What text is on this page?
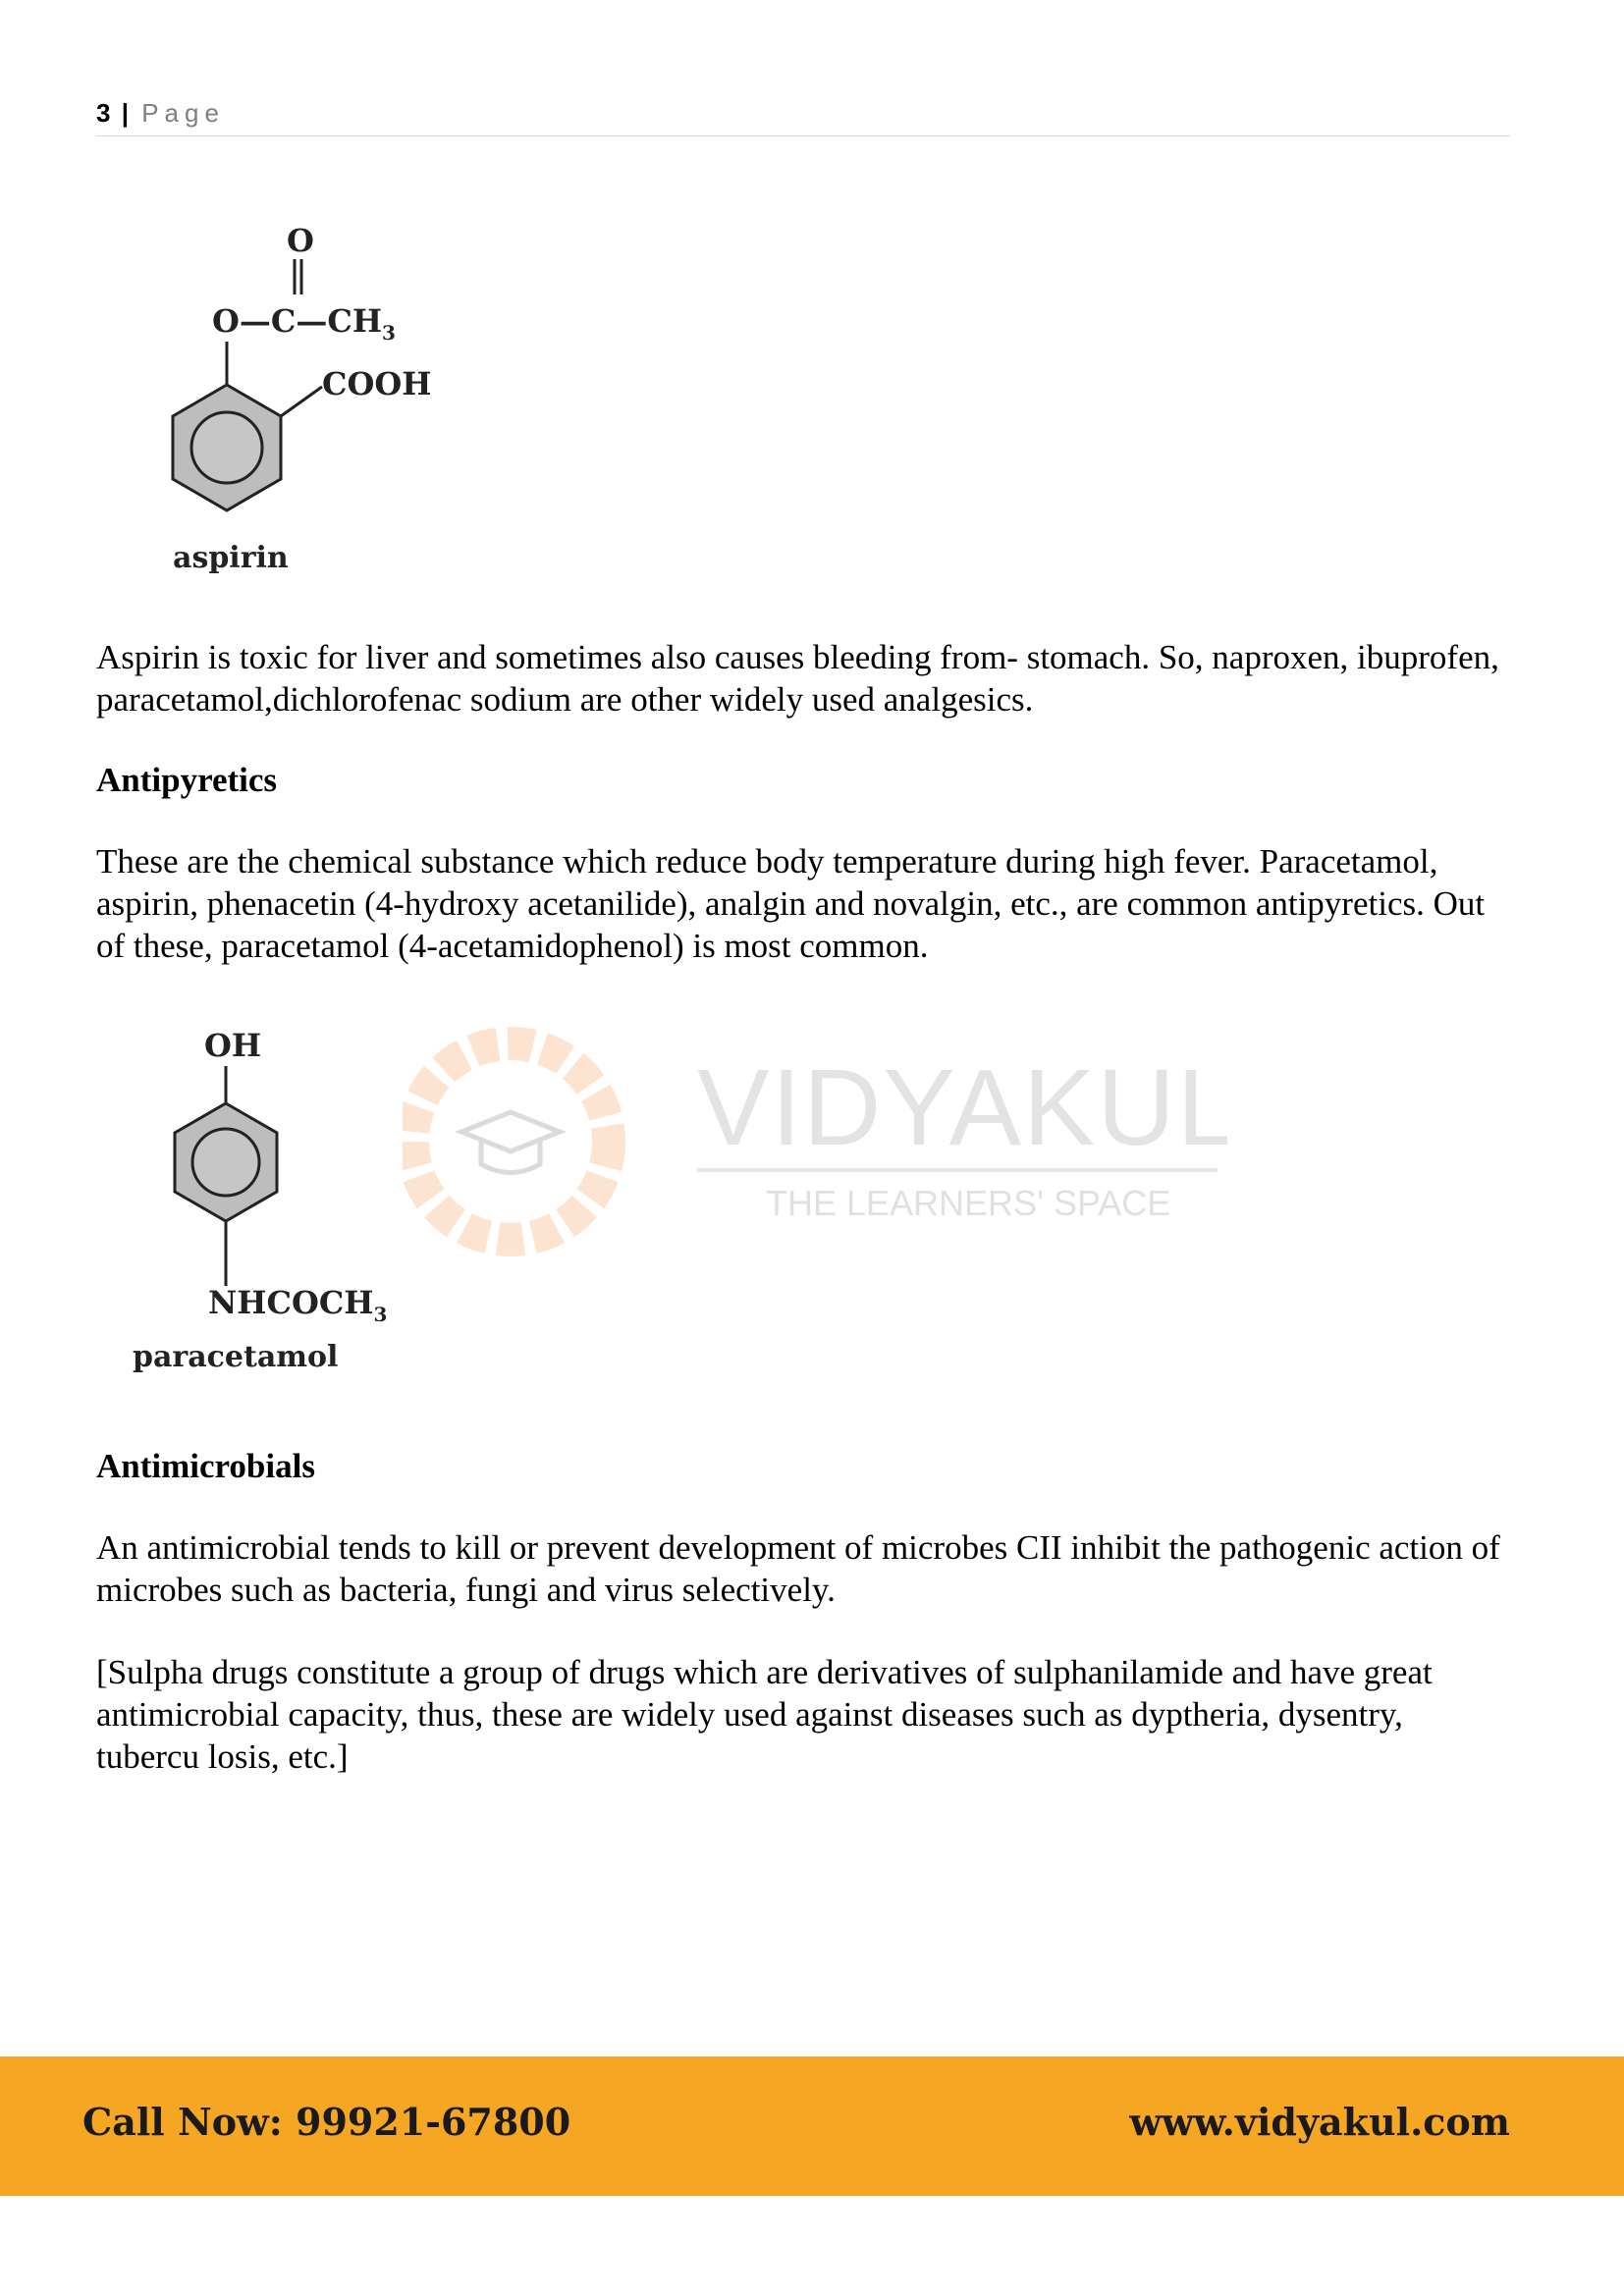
3 | Page
O
$O—C—CH_3$
COOH
aspirin

Aspirin is toxic for liver and sometimes also causes bleeding from- stomach. So, naproxen, ibuprofen, paracetamol,dichlorofenac sodium are other widely used analgesics.

Antipyretics

These are the chemical substance which reduce body temperature during high fever. Paracetamol, aspirin, phenacetin (4-hydroxy acetanilide), analgin and novalgin, etc., are common antipyretics. Out of these, paracetamol (4-acetamidophenol) is most common.

VIDYAKUL
THE LEARNERS' SPACE
OH
$NHCOCH_3$
paracetamol
Antimicrobials

An antimicrobial tends to kill or prevent development of microbes CII inhibit the pathogenic action of microbes such as bacteria, fungi and virus selectively.

[Sulpha drugs constitute a group of drugs which are derivatives of sulphanilamide and have great antimicrobial capacity, thus, these are widely used against diseases such as dyptheria, dysentry, tubercu losis, etc.]

Call Now: 99921-67800	www.vidyakul.com
